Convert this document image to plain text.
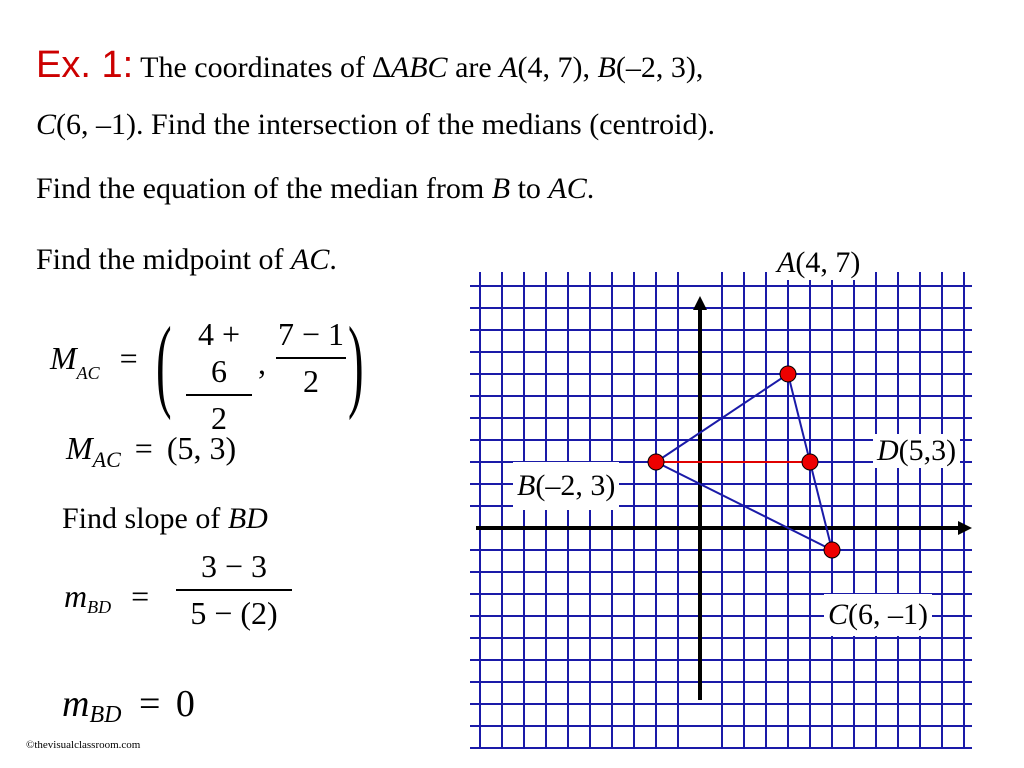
Ex. 1: The coordinates of ∆ABC are A(4, 7), B(–2, 3),
C(6, –1). Find the intersection of the medians (centroid).
Find the equation of the median from B to AC.
Find the midpoint of AC.
$M_{AC}$ = ( 4 + 6
2
,
7 − 1
2 )
$M_{AC} = (5$, 3)
Find slope of BD
mBD =
3 − 3
5 − (2)
mBD = 0
A(4, 7)
B(–2, 3)
D(5,3)
C(6, –1)
©thevisualclassroom.com
